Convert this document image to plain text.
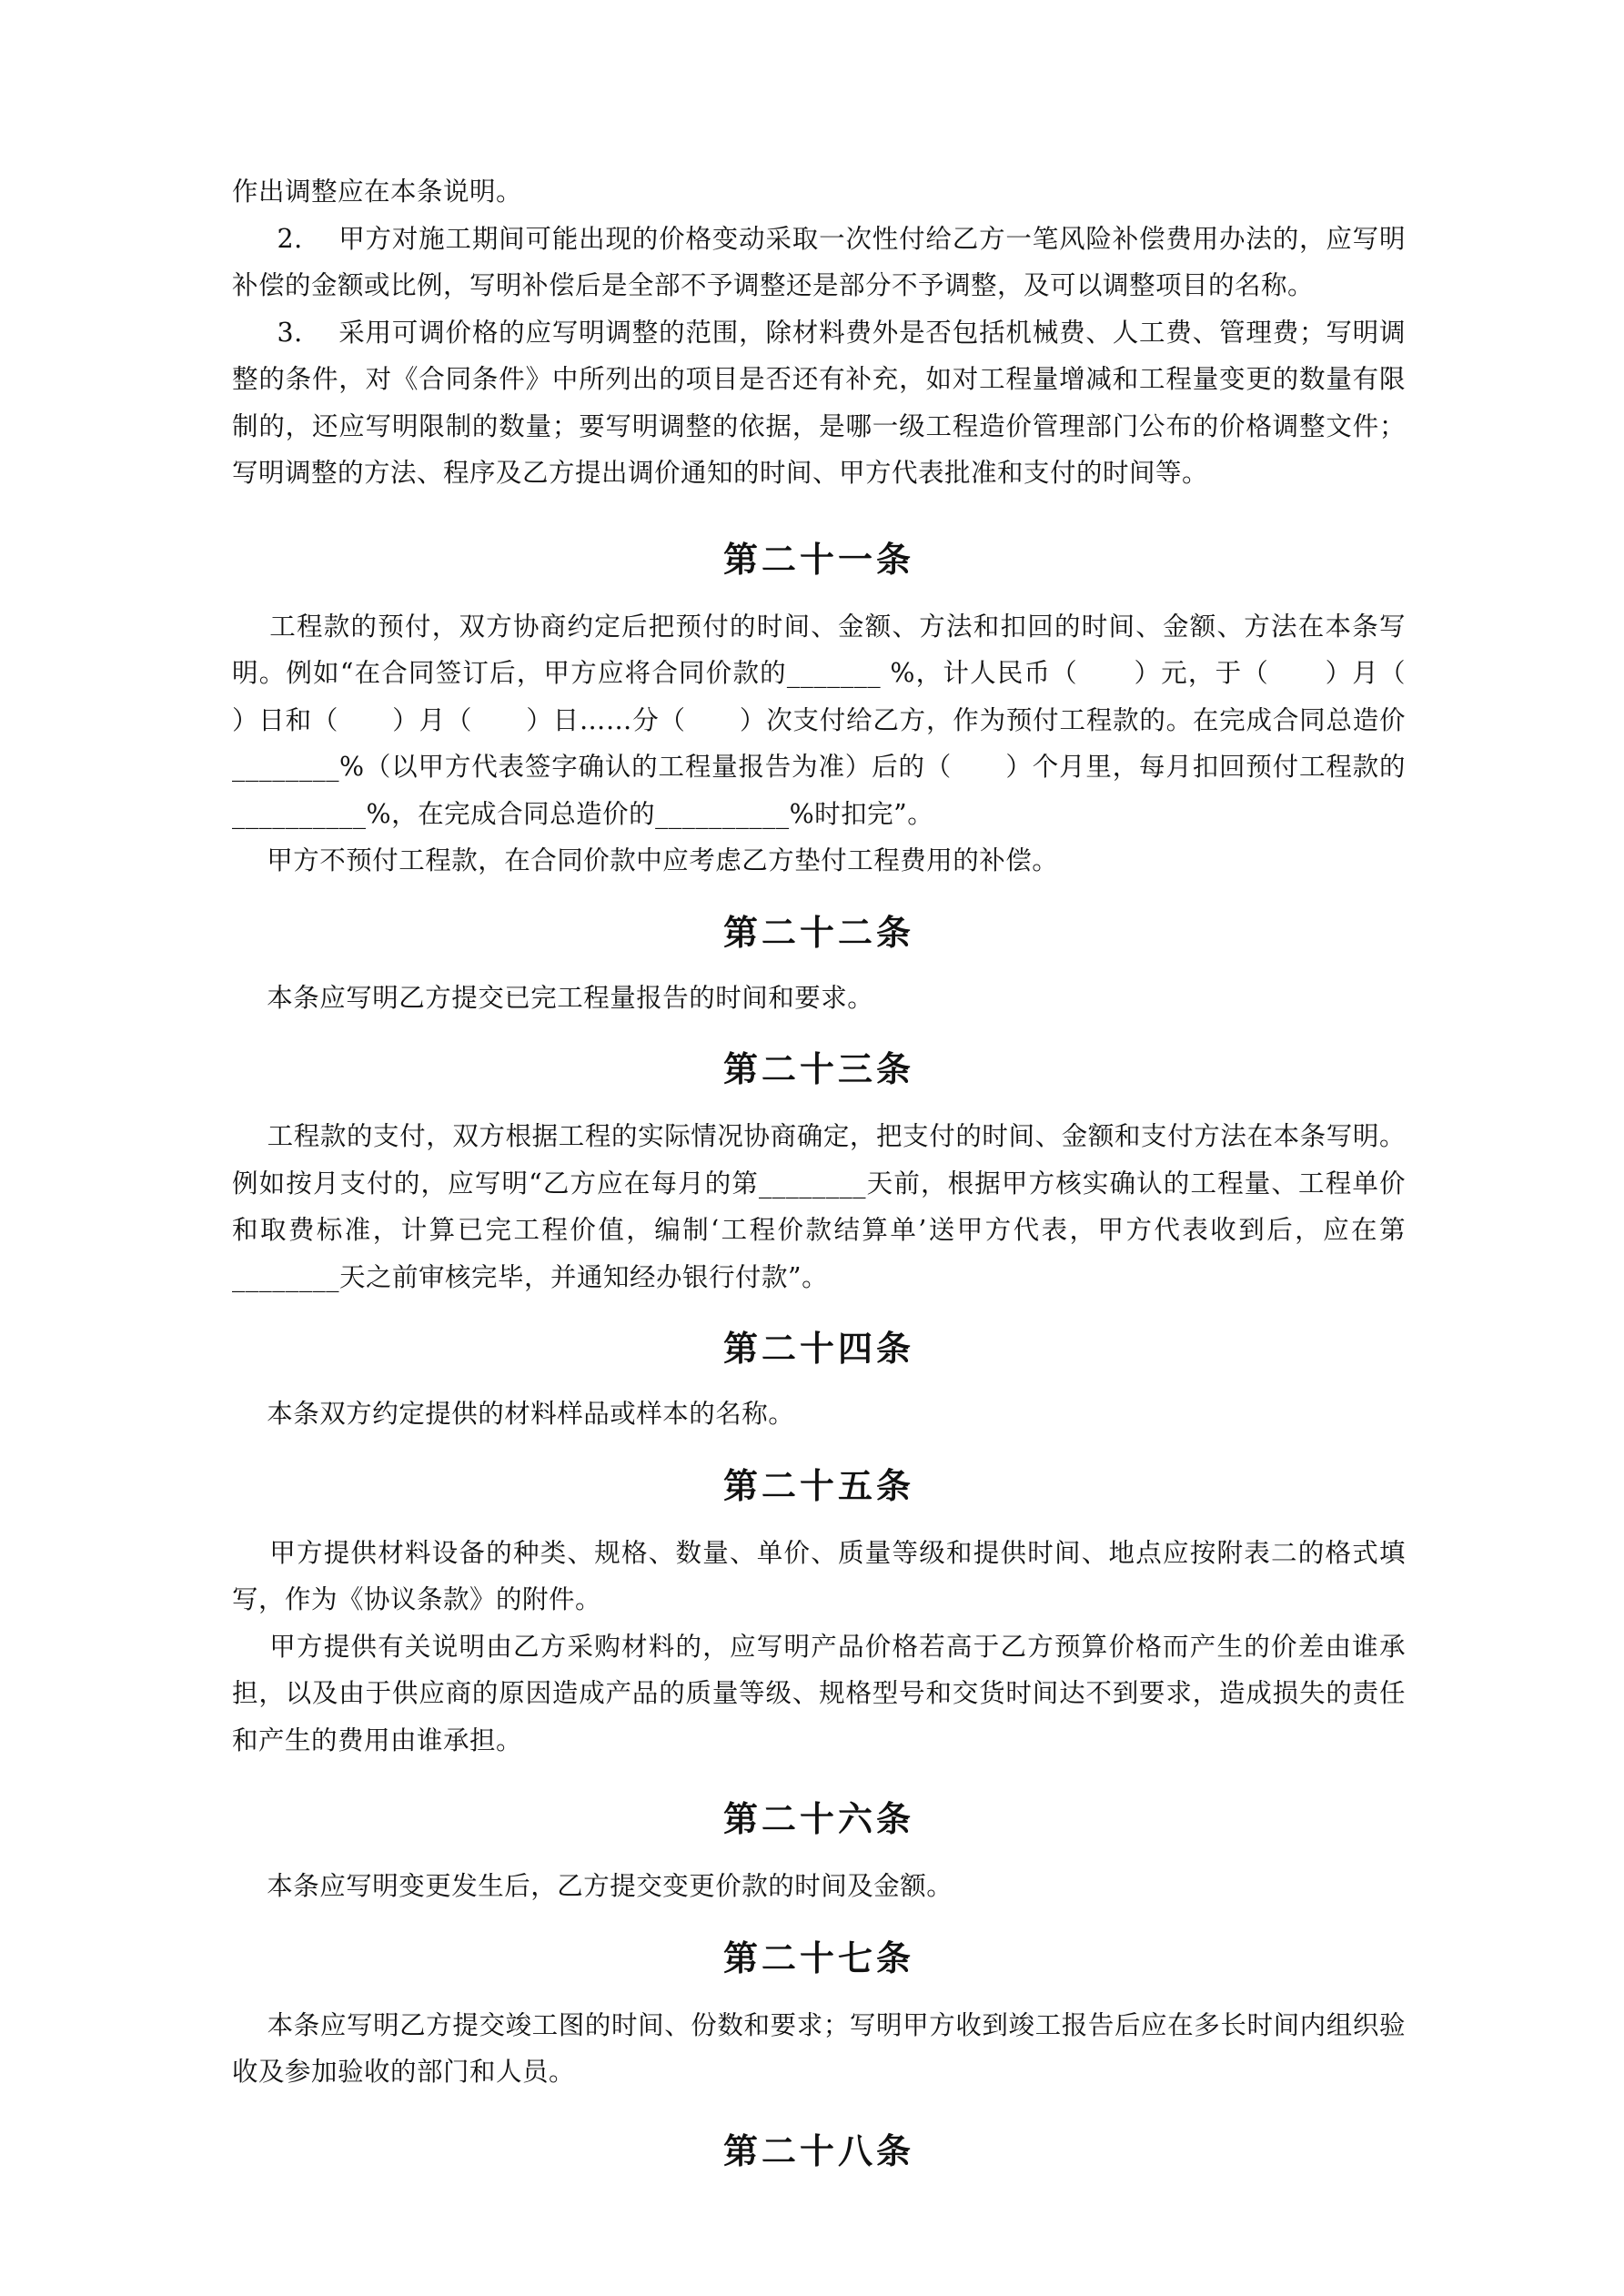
作出调整应在本条说明。

2.    甲方对施工期间可能出现的价格变动采取一次性付给乙方一笔风险补偿费用办法的，应写明补偿的金额或比例，写明补偿后是全部不予调整还是部分不予调整，及可以调整项目的名称。

3.    采用可调价格的应写明调整的范围，除材料费外是否包括机械费、人工费、管理费；写明调整的条件，对《合同条件》中所列出的项目是否还有补充，如对工程量增减和工程量变更的数量有限制的，还应写明限制的数量；要写明调整的依据，是哪一级工程造价管理部门公布的价格调整文件；写明调整的方法、程序及乙方提出调价通知的时间、甲方代表批准和支付的时间等。

第二十一条

工程款的预付，双方协商约定后把预付的时间、金额、方法和扣回的时间、金额、方法在本条写明。例如“在合同签订后，甲方应将合同价款的_______ %，计人民币（      ）元，于（      ）月（      ）日和（      ）月（      ）日……分（      ）次支付给乙方，作为预付工程款的。在完成合同总造价________%（以甲方代表签字确认的工程量报告为准）后的（      ）个月里，每月扣回预付工程款的__________%，在完成合同总造价的__________%时扣完”。

甲方不预付工程款，在合同价款中应考虑乙方垫付工程费用的补偿。

第二十二条

本条应写明乙方提交已完工程量报告的时间和要求。

第二十三条

工程款的支付，双方根据工程的实际情况协商确定，把支付的时间、金额和支付方法在本条写明。例如按月支付的，应写明“乙方应在每月的第________天前，根据甲方核实确认的工程量、工程单价和取费标准，计算已完工程价值，编制‘工程价款结算单’送甲方代表，甲方代表收到后，应在第________天之前审核完毕，并通知经办银行付款”。

第二十四条

本条双方约定提供的材料样品或样本的名称。

第二十五条

甲方提供材料设备的种类、规格、数量、单价、质量等级和提供时间、地点应按附表二的格式填写，作为《协议条款》的附件。

甲方提供有关说明由乙方采购材料的，应写明产品价格若高于乙方预算价格而产生的价差由谁承担，以及由于供应商的原因造成产品的质量等级、规格型号和交货时间达不到要求，造成损失的责任和产生的费用由谁承担。

第二十六条

本条应写明变更发生后，乙方提交变更价款的时间及金额。

第二十七条

本条应写明乙方提交竣工图的时间、份数和要求；写明甲方收到竣工报告后应在多长时间内组织验收及参加验收的部门和人员。

第二十八条
